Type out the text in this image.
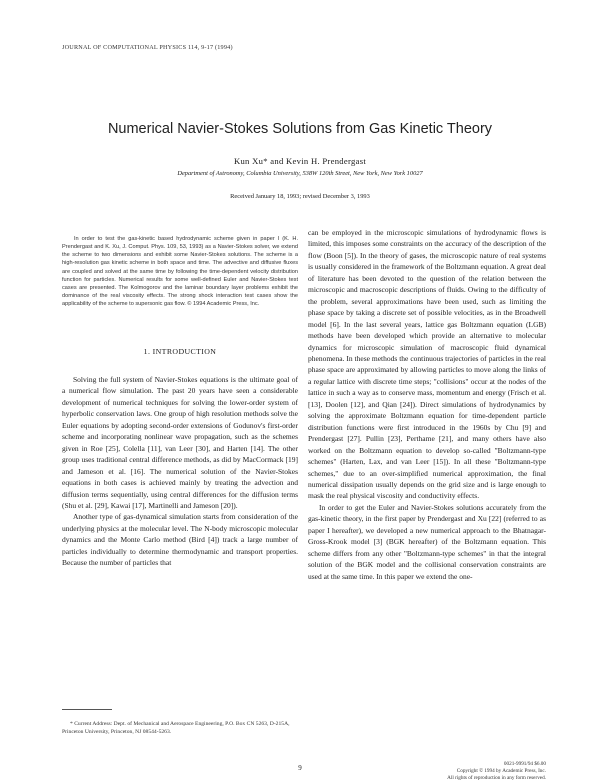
JOURNAL OF COMPUTATIONAL PHYSICS 114, 9-17 (1994)
Numerical Navier-Stokes Solutions from Gas Kinetic Theory
Kun Xu* and Kevin H. Prendergast
Department of Astronomy, Columbia University, 538W 120th Street, New York, New York 10027
Received January 18, 1993; revised December 3, 1993
In order to test the gas-kinetic based hydrodynamic scheme given in paper I (K. H. Prendergast and K. Xu, J. Comput. Phys. 109, 53, 1993) as a Navier-Stokes solver, we extend the scheme to two dimensions and exhibit some Navier-Stokes solutions. The scheme is a high-resolution gas kinetic scheme in both space and time. The advective and diffusive fluxes are coupled and solved at the same time by following the time-dependent velocity distribution function for particles. Numerical results for some well-defined Euler and Navier-Stokes test cases are presented. The Kolmogorov and the laminar boundary layer problems exhibit the dominance of the real viscosity effects. The strong shock interaction test cases show the applicability of the scheme to supersonic gas flow. © 1994 Academic Press, Inc.
1. INTRODUCTION

Solving the full system of Navier-Stokes equations is the ultimate goal of a numerical flow simulation. The past 20 years have seen a considerable development of numerical techniques for solving the lower-order system of hyperbolic conservation laws. One group of high resolution methods solve the Euler equations by adopting second-order extensions of Godunov's first-order scheme and incorporating nonlinear wave propagation, such as the schemes given in Roe [25], Colella [11], van Leer [30], and Harten [14]. The other group uses traditional central difference methods, as did by MacCormack [19] and Jameson et al. [16]. The numerical solution of the Navier-Stokes equations in both cases is achieved mainly by treating the advection and diffusion terms sequentially, using central differences for the diffusion terms (Shu et al. [29], Kawai [17], Martinelli and Jameson [20]).

Another type of gas-dynamical simulation starts from consideration of the underlying physics at the molecular level. The N-body microscopic molecular dynamics and the Monte Carlo method (Bird [4]) track a large number of particles individually to determine thermodynamic and transport properties. Because the number of particles that

can be employed in the microscopic simulations of hydrodynamic flows is limited, this imposes some constraints on the accuracy of the description of the flow (Boon [5]). In the theory of gases, the microscopic nature of real systems is usually considered in the framework of the Boltzmann equation. A great deal of literature has been devoted to the question of the relation between the microscopic and macroscopic descriptions of fluids. Owing to the difficulty of the problem, several approximations have been used, such as limiting the phase space by taking a discrete set of possible velocities, as in the Broadwell model [6]. In the last several years, lattice gas Boltzmann equation (LGB) methods have been developed which provide an alternative to molecular dynamics for microscopic simulation of macroscopic fluid dynamical phenomena. In these methods the continuous trajectories of particles in the real phase space are approximated by allowing particles to move along the links of a regular lattice with discrete time steps; "collisions" occur at the nodes of the lattice in such a way as to conserve mass, momentum and energy (Frisch et al. [13], Doolen [12], and Qian [24]). Direct simulations of hydrodynamics by solving the approximate Boltzmann equation for time-dependent particle distribution functions were first introduced in the 1960s by Chu [9] and Prendergast [27]. Pullin [23], Perthame [21], and many others have also worked on the Boltzmann equation to develop so-called "Boltzmann-type schemes" (Harten, Lax, and van Leer [15]). In all these "Boltzmann-type schemes," due to an over-simplified numerical approximation, the final numerical dissipation usually depends on the grid size and is large enough to mask the real physical viscosity and conductivity effects.

In order to get the Euler and Navier-Stokes solutions accurately from the gas-kinetic theory, in the first paper by Prendergast and Xu [22] (referred to as paper I hereafter), we developed a new numerical approach to the Bhatnagar-Gross-Krook model [3] (BGK hereafter) of the Boltzmann equation. This scheme differs from any other "Boltzmann-type schemes" in that the integral solution of the BGK model and the collisional conservation constraints are used at the same time. In this paper we extend the one-

* Current Address: Dept. of Mechanical and Aerospace Engineering, P.O. Box CN 5263, D-215A, Princeton University, Princeton, NJ 08544-5263.

9	0021-9991/94 $6.00
Copyright © 1994 by Academic Press, Inc.
All rights of reproduction in any form reserved.
